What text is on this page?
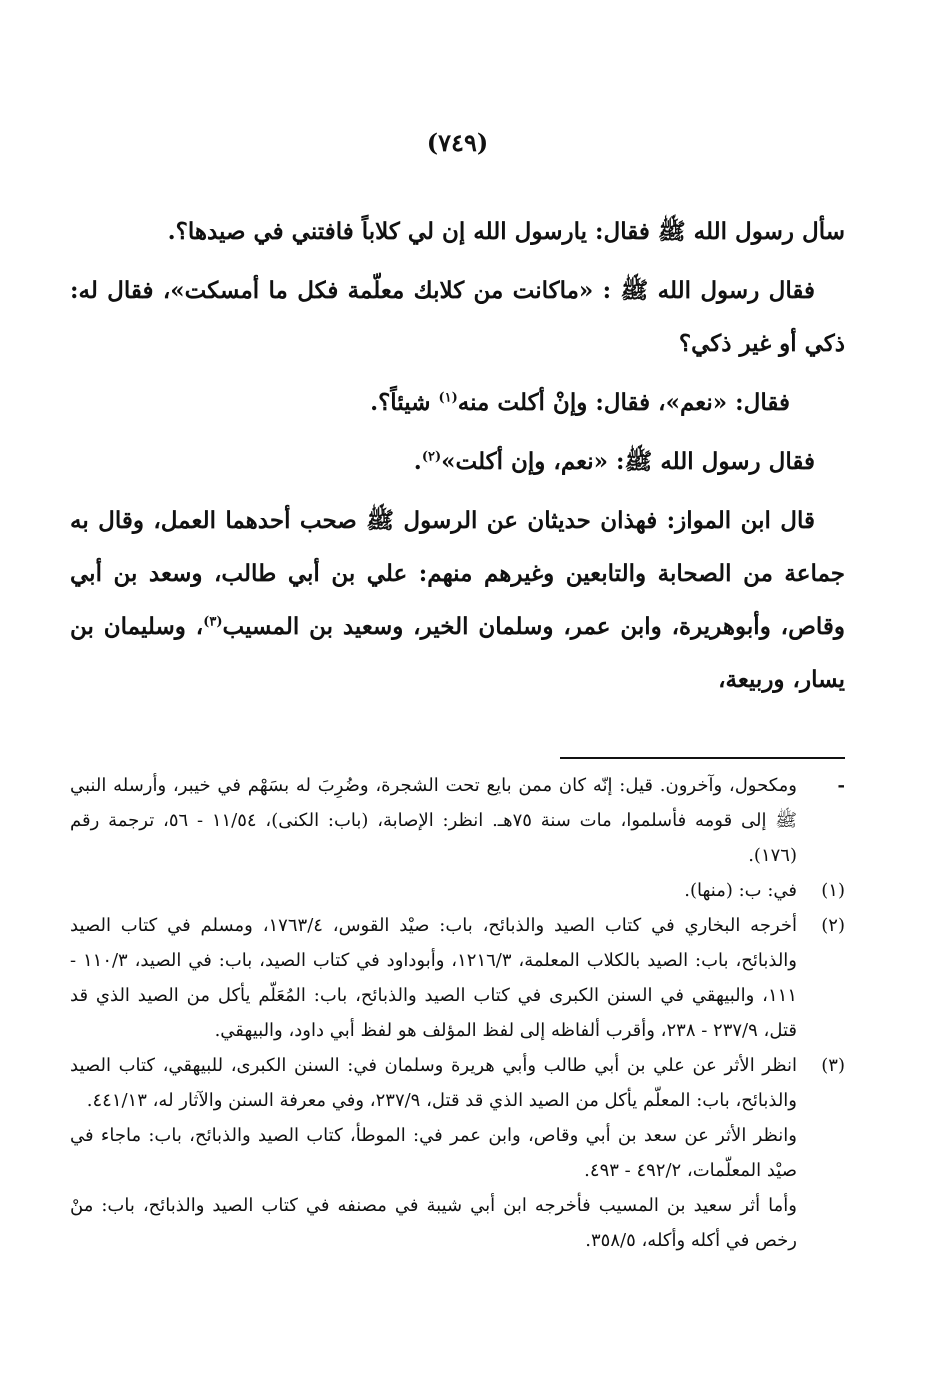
(٧٤٩)

سأل رسول الله ﷺ فقال: يارسول الله إن لي كلاباً فافتني في صيدها؟.

فقال رسول الله ﷺ : «ماكانت من كلابك معلّمة فكل ما أمسكت»، فقال له: ذكي أو غير ذكي؟

فقال: «نعم»، فقال: وإنْ أكلت منه$^{(١)}$ شيئاً؟.

فقال رسول الله ﷺ: «نعم، وإن أكلت»$^{(٢)}$.

قال ابن المواز: فهذان حديثان عن الرسول ﷺ صحب أحدهما العمل، وقال به جماعة من الصحابة والتابعين وغيرهم منهم: علي بن أبي طالب، وسعد بن أبي وقاص، وأبوهريرة، وابن عمر، وسلمان الخير، وسعيد بن المسيب$^{(٣)}$، وسليمان بن يسار، وربيعة،

-
ومكحول، وآخرون. قيل: إنّه كان ممن بايع تحت الشجرة، وضُرِبَ له بسَهْم في خيبر، وأرسله النبي ﷺ إلى قومه فأسلموا، مات سنة ٧٥هـ. انظر: الإصابة، (باب: الكنى)، ١١/٥٤ - ٥٦، ترجمة رقم (١٧٦).
(١)
في: ب: (منها).
(٢)
أخرجه البخاري في كتاب الصيد والذبائح، باب: صيْد القوس، ١٧٦٣/٤، ومسلم في كتاب الصيد والذبائح، باب: الصيد بالكلاب المعلمة، ١٢١٦/٣، وأبوداود في كتاب الصيد، باب: في الصيد، ١١٠/٣ - ١١١، والبيهقي في السنن الكبرى في كتاب الصيد والذبائح، باب: المُعَلّم يأكل من الصيد الذي قد قتل، ٢٣٧/٩ - ٢٣٨، وأقرب ألفاظه إلى لفظ المؤلف هو لفظ أبي داود، والبيهقي.
(٣)
انظر الأثر عن علي بن أبي طالب وأبي هريرة وسلمان في: السنن الكبرى، للبيهقي، كتاب الصيد والذبائح، باب: المعلّم يأكل من الصيد الذي قد قتل، ٢٣٧/٩، وفي معرفة السنن والآثار له، ٤٤١/١٣.
وانظر الأثر عن سعد بن أبي وقاص، وابن عمر في: الموطأ، كتاب الصيد والذبائح، باب: ماجاء في صيْد المعلّمات، ٤٩٢/٢ - ٤٩٣.
وأما أثر سعيد بن المسيب فأخرجه ابن أبي شيبة في مصنفه في كتاب الصيد والذبائح، باب: منْ رخص في أكله وأكله، ٣٥٨/٥.
